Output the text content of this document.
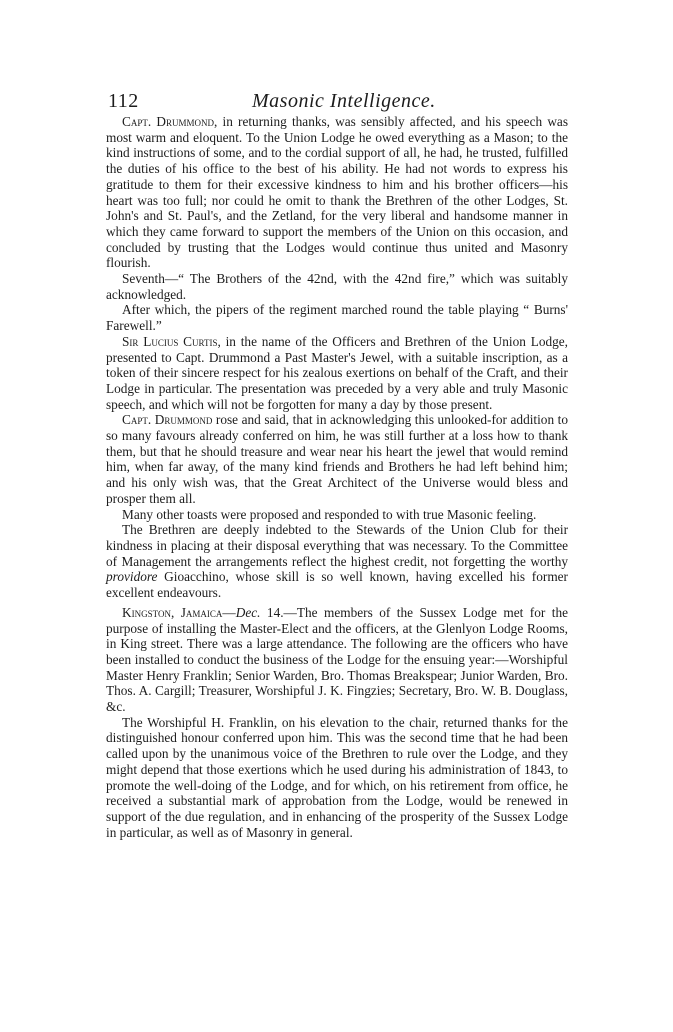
112	Masonic Intelligence.

Capt. Drummond, in returning thanks, was sensibly affected, and his speech was most warm and eloquent. To the Union Lodge he owed everything as a Mason; to the kind instructions of some, and to the cordial support of all, he had, he trusted, fulfilled the duties of his office to the best of his ability. He had not words to express his gratitude to them for their excessive kindness to him and his brother officers—his heart was too full; nor could he omit to thank the Brethren of the other Lodges, St. John's and St. Paul's, and the Zetland, for the very liberal and handsome manner in which they came forward to support the members of the Union on this occasion, and concluded by trusting that the Lodges would continue thus united and Masonry flourish.

Seventh—“ The Brothers of the 42nd, with the 42nd fire,” which was suitably acknowledged.

After which, the pipers of the regiment marched round the table playing “ Burns' Farewell.”

Sir Lucius Curtis, in the name of the Officers and Brethren of the Union Lodge, presented to Capt. Drummond a Past Master's Jewel, with a suitable inscription, as a token of their sincere respect for his zealous exertions on behalf of the Craft, and their Lodge in particular. The presentation was preceded by a very able and truly Masonic speech, and which will not be forgotten for many a day by those present.

Capt. Drummond rose and said, that in acknowledging this unlooked-for addition to so many favours already conferred on him, he was still further at a loss how to thank them, but that he should treasure and wear near his heart the jewel that would remind him, when far away, of the many kind friends and Brothers he had left behind him; and his only wish was, that the Great Architect of the Universe would bless and prosper them all.

Many other toasts were proposed and responded to with true Masonic feeling.

The Brethren are deeply indebted to the Stewards of the Union Club for their kindness in placing at their disposal everything that was necessary. To the Committee of Management the arrangements reflect the highest credit, not forgetting the worthy providore Gioacchino, whose skill is so well known, having excelled his former excellent endeavours.

Kingston, Jamaica—Dec. 14.—The members of the Sussex Lodge met for the purpose of installing the Master-Elect and the officers, at the Glenlyon Lodge Rooms, in King street. There was a large attendance. The following are the officers who have been installed to conduct the business of the Lodge for the ensuing year:—Worshipful Master Henry Franklin; Senior Warden, Bro. Thomas Breakspear; Junior Warden, Bro. Thos. A. Cargill; Treasurer, Worshipful J. K. Fingzies; Secretary, Bro. W. B. Douglass, &c.

The Worshipful H. Franklin, on his elevation to the chair, returned thanks for the distinguished honour conferred upon him. This was the second time that he had been called upon by the unanimous voice of the Brethren to rule over the Lodge, and they might depend that those exertions which he used during his administration of 1843, to promote the well-doing of the Lodge, and for which, on his retirement from office, he received a substantial mark of approbation from the Lodge, would be renewed in support of the due regulation, and in enhancing of the prosperity of the Sussex Lodge in particular, as well as of Masonry in general.
